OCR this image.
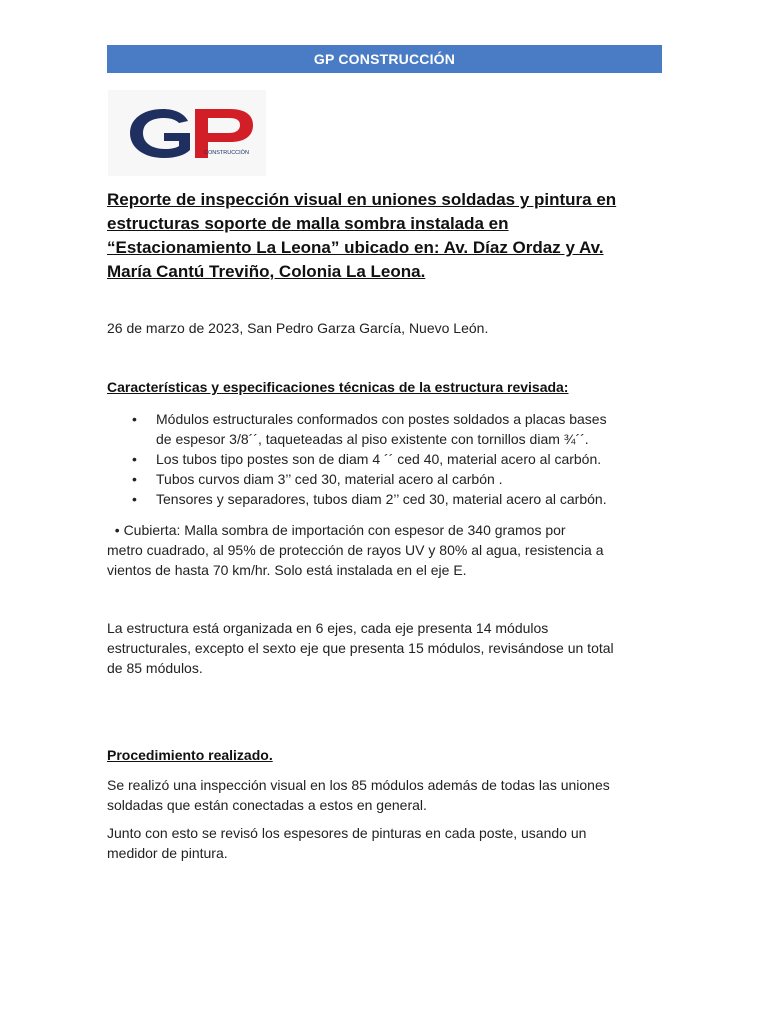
GP CONSTRUCCIÓN
CONSTRUCCIÓN
Reporte de inspección visual en uniones soldadas y pintura en
estructuras soporte de malla sombra instalada en
“Estacionamiento La Leona” ubicado en: Av. Díaz Ordaz y Av.
María Cantú Treviño, Colonia La Leona.

26 de marzo de 2023, San Pedro Garza García, Nuevo León.

Características y especificaciones técnicas de la estructura revisada:

• Módulos estructurales conformados con postes soldados a placas bases
de espesor 3/8´´, taquetеadas al piso existente con tornillos diam ¾´´.
• Los tubos tipo postes son de diam 4 ´´ ced 40, material acero al carbón.
• Tubos curvos diam 3’’ ced 30, material acero al carbón .
• Tensores y separadores, tubos diam 2’’ ced 30, material acero al carbón.

• Cubierta: Malla sombra de importación con espesor de 340 gramos por
metro cuadrado, al 95% de protección de rayos UV y 80% al agua, resistencia a
vientos de hasta 70 km/hr. Solo está instalada en el eje E.

La estructura está organizada en 6 ejes, cada eje presenta 14 módulos
estructurales, excepto el sexto eje que presenta 15 módulos, revisándose un total
de 85 módulos.

Procedimiento realizado.

Se realizó una inspección visual en los 85 módulos además de todas las uniones
soldadas que están conectadas a estos en general.

Junto con esto se revisó los espesores de pinturas en cada poste, usando un
medidor de pintura.
